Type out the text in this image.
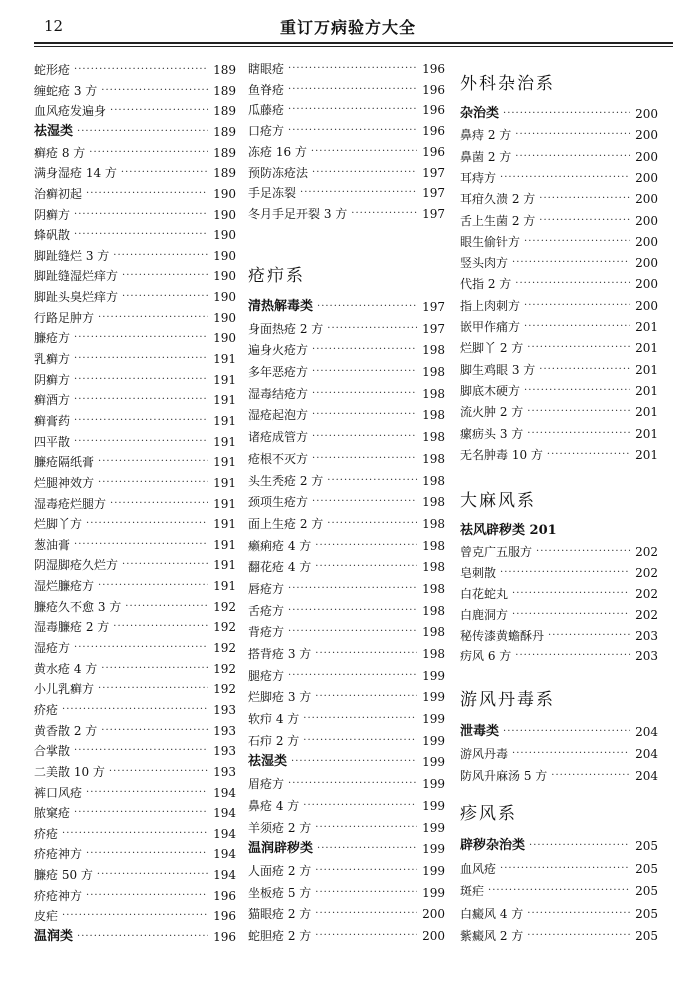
12	重订万病验方大全
蛇形疮 ·····	189
缠蛇疮 3 方 ·····	189
血风疮发遍身 ·····	189
祛湿类 ·····	189
癣疮 8 方 ·····	189
满身湿疮 14 方 ·····	189
治癣初起 ·····	190
阴癣方 ·····	190
蜂矾散 ·····	190
脚趾缝烂 3 方 ·····	190
脚趾缝湿烂痒方 ·····	190
脚趾头臭烂痒方 ·····	190
行路足肿方 ·····	190
臁疮方 ·····	190
乳癣方 ·····	191
阴癣方 ·····	191
癣酒方 ·····	191
癣膏药 ·····	191
四平散 ·····	191
臁疮隔纸膏 ·····	191
烂腿神效方 ·····	191
湿毒疮烂腿方 ·····	191
烂脚丫方 ·····	191
葱油膏 ·····	191
阴湿脚疮久烂方 ·····	191
湿烂臁疮方 ·····	191
臁疮久不愈 3 方 ·····	192
湿毒臁疮 2 方 ·····	192
湿疮方 ·····	192
黄水疮 4 方 ·····	192
小儿乳癣方 ·····	192
疥疮 ·····	193
黄香散 2 方 ·····	193
合掌散 ·····	193
二美散 10 方 ·····	193
裤口风疮 ·····	194
脓窠疮 ·····	194
疥疮 ·····	194
疥疮神方 ·····	194
臁疮 50 方 ·····	194
疥疮神方 ·····	196
皮疟 ·····	196
温润类 ·····	196
瞎眼疮 ·····	196
鱼脊疮 ·····	196
瓜藤疮 ·····	196
口疮方 ·····	196
冻疮 16 方 ·····	196
预防冻疮法 ·····	197
手足冻裂 ·····	197
冬月手足开裂 3 方 ·····	197
疮疖系
清热解毒类 ·····	197
身面热疮 2 方 ·····	197
遍身火疮方 ·····	198
多年恶疮方 ·····	198
湿毒结疮方 ·····	198
湿疮起泡方 ·····	198
诸疮成管方 ·····	198
疮根不灭方 ·····	198
头生秃疮 2 方 ·····	198
颈项生疮方 ·····	198
面上生疮 2 方 ·····	198
癞痢疮 4 方 ·····	198
翻花疮 4 方 ·····	198
唇疮方 ·····	198
舌疮方 ·····	198
背疮方 ·····	198
搭背疮 3 方 ·····	198
腿疮方 ·····	199
烂脚疮 3 方 ·····	199
软疖 4 方 ·····	199
石疖 2 方 ·····	199
祛湿类 ·····	199
眉疮方 ·····	199
鼻疮 4 方 ·····	199
羊须疮 2 方 ·····	199
温润辟秽类 ·····	199
人面疮 2 方 ·····	199
坐板疮 5 方 ·····	199
猫眼疮 2 方 ·····	200
蛇胆疮 2 方 ·····	200
外科杂治系
杂治类 ·····	200
鼻痔 2 方 ·····	200
鼻菌 2 方 ·····	200
耳痔方 ·····	200
耳疳久溃 2 方 ·····	200
舌上生菌 2 方 ·····	200
眼生偷针方 ·····	200
竖头肉方 ·····	200
代指 2 方 ·····	200
指上肉刺方 ·····	200
嵌甲作痛方 ·····	201
烂脚丫 2 方 ·····	201
脚生鸡眼 3 方 ·····	201
脚底木硬方 ·····	201
流火肿 2 方 ·····	201
瘰疬头 3 方 ·····	201
无名肿毒 10 方 ·····	201
大麻风系
祛风辟秽类 201
曾克广五服方 ·····	202
皂刺散 ·····	202
白花蛇丸 ·····	202
白鹿洞方 ·····	202
秘传漆黄蟾酥丹 ·····	203
疠风 6 方 ·····	203
游风丹毒系
泄毒类 ·····	204
游风丹毒 ·····	204
防风升麻汤 5 方 ·····	204
疹风系
辟秽杂治类 ·····	205
血风疮 ·····	205
斑疟 ·····	205
白癜风 4 方 ·····	205
紫癜风 2 方 ·····	205
